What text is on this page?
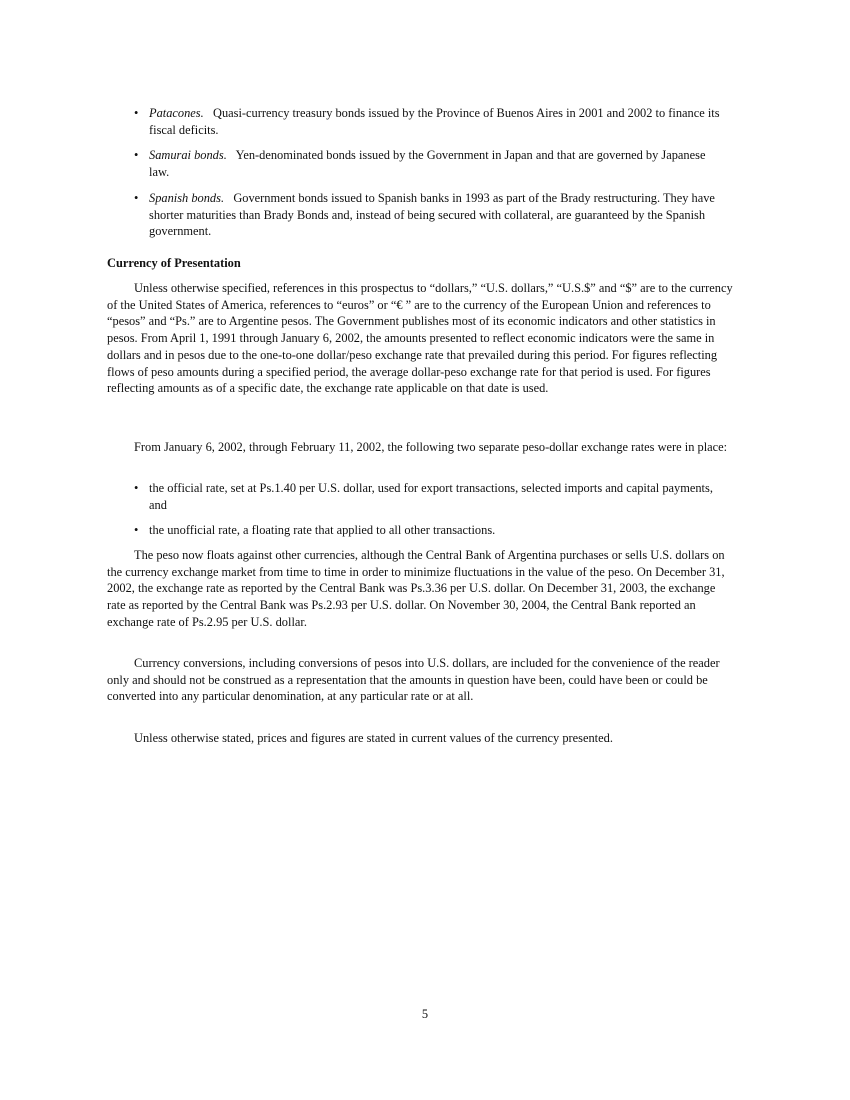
• Patacones. Quasi-currency treasury bonds issued by the Province of Buenos Aires in 2001 and 2002 to finance its fiscal deficits.
• Samurai bonds. Yen-denominated bonds issued by the Government in Japan and that are governed by Japanese law.
• Spanish bonds. Government bonds issued to Spanish banks in 1993 as part of the Brady restructuring. They have shorter maturities than Brady Bonds and, instead of being secured with collateral, are guaranteed by the Spanish government.
Currency of Presentation

Unless otherwise specified, references in this prospectus to “dollars,” “U.S. dollars,” “U.S.$” and “$” are to the currency of the United States of America, references to “euros” or “€ ” are to the currency of the European Union and references to “pesos” and “Ps.” are to Argentine pesos. The Government publishes most of its economic indicators and other statistics in pesos. From April 1, 1991 through January 6, 2002, the amounts presented to reflect economic indicators were the same in dollars and in pesos due to the one-to-one dollar/peso exchange rate that prevailed during this period. For figures reflecting flows of peso amounts during a specified period, the average dollar-peso exchange rate for that period is used. For figures reflecting amounts as of a specific date, the exchange rate applicable on that date is used.

From January 6, 2002, through February 11, 2002, the following two separate peso-dollar exchange rates were in place:

• the official rate, set at Ps.1.40 per U.S. dollar, used for export transactions, selected imports and capital payments, and
• the unofficial rate, a floating rate that applied to all other transactions.

The peso now floats against other currencies, although the Central Bank of Argentina purchases or sells U.S. dollars on the currency exchange market from time to time in order to minimize fluctuations in the value of the peso. On December 31, 2002, the exchange rate as reported by the Central Bank was Ps.3.36 per U.S. dollar. On December 31, 2003, the exchange rate as reported by the Central Bank was Ps.2.93 per U.S. dollar. On November 30, 2004, the Central Bank reported an exchange rate of Ps.2.95 per U.S. dollar.

Currency conversions, including conversions of pesos into U.S. dollars, are included for the convenience of the reader only and should not be construed as a representation that the amounts in question have been, could have been or could be converted into any particular denomination, at any particular rate or at all.

Unless otherwise stated, prices and figures are stated in current values of the currency presented.

5
